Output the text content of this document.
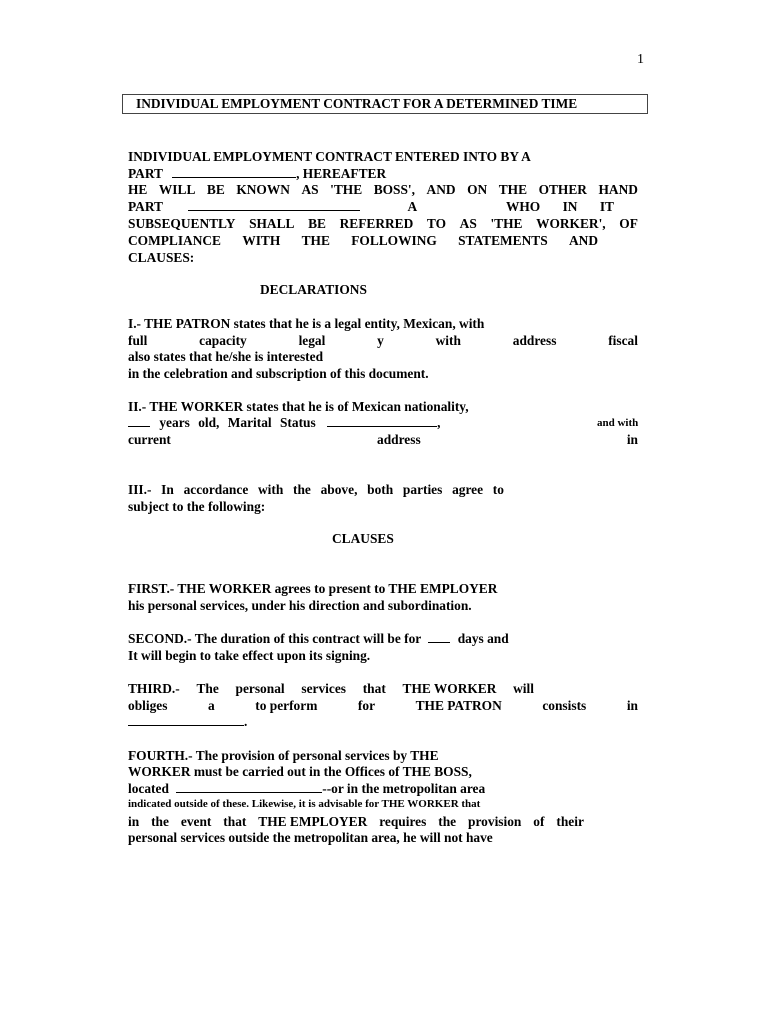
1
INDIVIDUAL EMPLOYMENT CONTRACT FOR A DETERMINED TIME
INDIVIDUAL EMPLOYMENT CONTRACT ENTERED INTO BY A
PART	, HEREAFTER
HE WILL BE KNOWN AS 'THE BOSS', AND ON THE OTHER HAND
PART	A	WHO IN IT
SUBSEQUENTLY SHALL BE REFERRED TO AS 'THE WORKER', OF
COMPLIANCE WITH THE FOLLOWING STATEMENTS AND
CLAUSES:
DECLARATIONS
I.- THE PATRON states that he is a legal entity, Mexican, with
full	capacity	legal	y	with	address	fiscal
also states that he/she is interested
in the celebration and subscription of this document.
II.- THE WORKER states that he is of Mexican nationality,
years old, Marital Status	,	and with
current	address	in
III.- In accordance with the above, both parties agree to
subject to the following:
CLAUSES
FIRST.- THE WORKER agrees to present to THE EMPLOYER
his personal services, under his direction and subordination.
SECOND.- The duration of this contract will be for	days and
It will begin to take effect upon its signing.
THIRD.- The personal services that THE WORKER will
obliges	a	to perform	for	THE PATRON	consists	in
.
FOURTH.- The provision of personal services by THE
WORKER must be carried out in the Offices of THE BOSS,
located	--or in the metropolitan area
indicated outside of these. Likewise, it is advisable for THE WORKER that
in the event that THE EMPLOYER requires the provision of their
personal services outside the metropolitan area, he will not have
